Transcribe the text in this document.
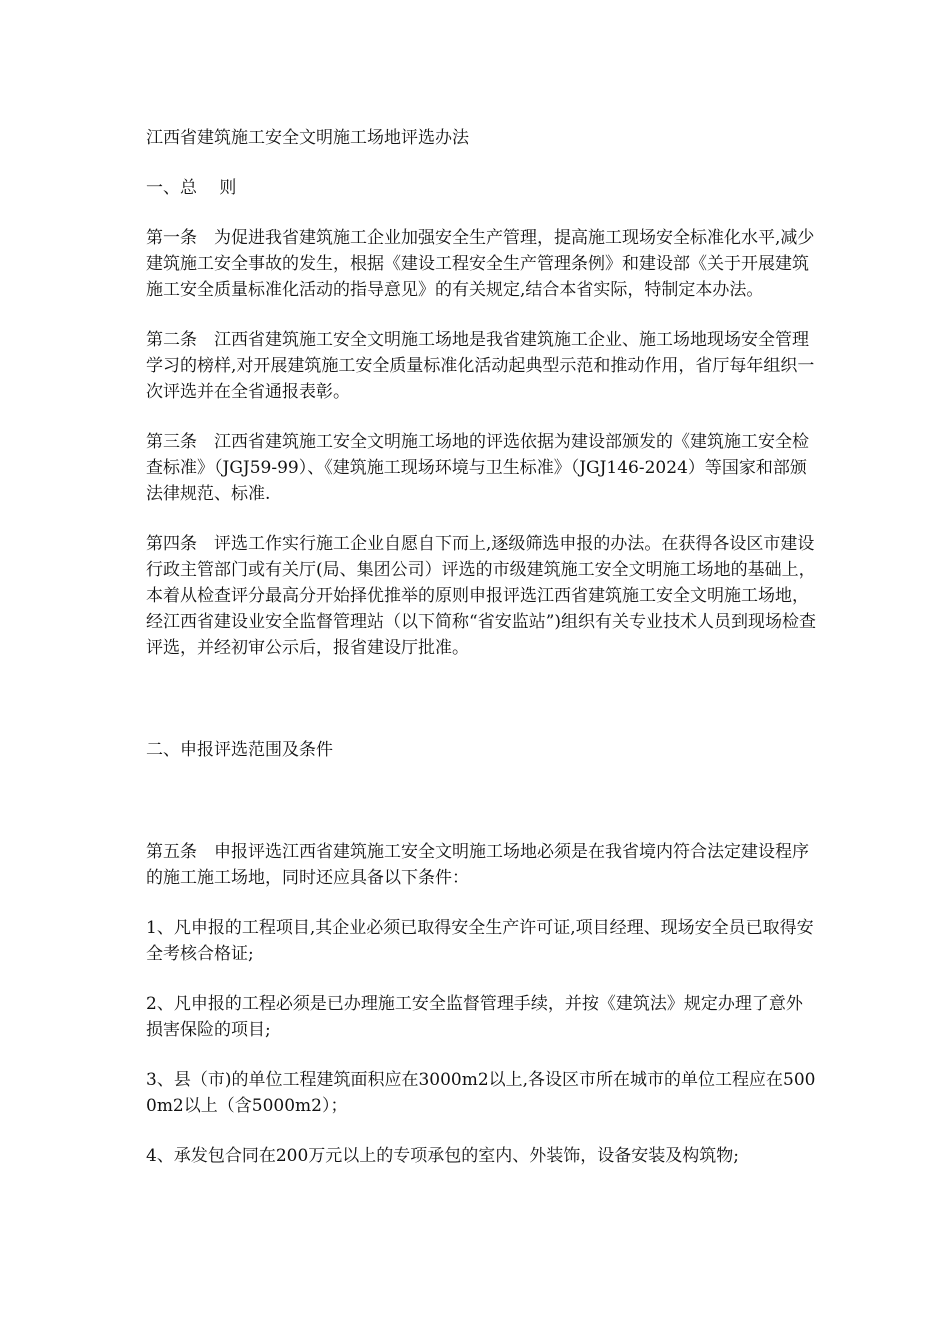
江西省建筑施工安全文明施工场地评选办法

一、总　 则

第一条　为促进我省建筑施工企业加强安全生产管理，提高施工现场安全标准化水平,减少建筑施工安全事故的发生，根据《建设工程安全生产管理条例》和建设部《关于开展建筑施工安全质量标准化活动的指导意见》的有关规定,结合本省实际，特制定本办法。

第二条　江西省建筑施工安全文明施工场地是我省建筑施工企业、施工场地现场安全管理学习的榜样,对开展建筑施工安全质量标准化活动起典型示范和推动作用，省厅每年组织一次评选并在全省通报表彰。

第三条　江西省建筑施工安全文明施工场地的评选依据为建设部颁发的《建筑施工安全检查标准》（JGJ59-99）、《建筑施工现场环境与卫生标准》（JGJ146-2024）等国家和部颁法律规范、标准.

第四条　评选工作实行施工企业自愿自下而上,逐级筛选申报的办法。在获得各设区市建设行政主管部门或有关厅(局、集团公司）评选的市级建筑施工安全文明施工场地的基础上，本着从检查评分最高分开始择优推举的原则申报评选江西省建筑施工安全文明施工场地，经江西省建设业安全监督管理站（以下简称“省安监站”)组织有关专业技术人员到现场检查评选，并经初审公示后，报省建设厅批准。

二、申报评选范围及条件

第五条　申报评选江西省建筑施工安全文明施工场地必须是在我省境内符合法定建设程序的施工施工场地，同时还应具备以下条件：

1、凡申报的工程项目,其企业必须已取得安全生产许可证,项目经理、现场安全员已取得安全考核合格证;

2、凡申报的工程必须是已办理施工安全监督管理手续，并按《建筑法》规定办理了意外损害保险的项目;

3、县（市)的单位工程建筑面积应在3000m2以上,各设区市所在城市的单位工程应在5000m2以上（含5000m2）；

4、承发包合同在200万元以上的专项承包的室内、外装饰，设备安装及构筑物;
